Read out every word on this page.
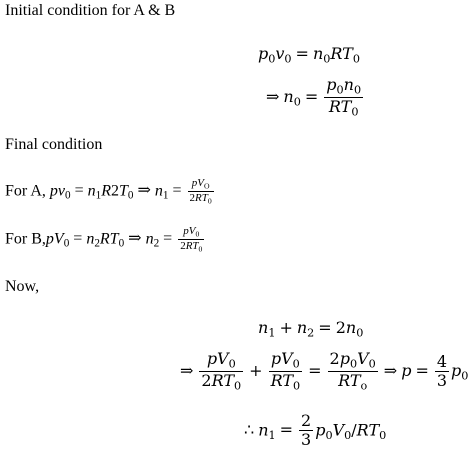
Initial condition for A & B
$p_0v_0 = n_0RT_0$
⇒ $n_0 = \frac{p_0n_0}{RT_0}$
Final condition
For A, $pv_0 = n_1R2T_0$ ⇒ $n_1 = \frac{pV_O}{2RT_0}$
For $B,pV_0 = n_2RT_0$ ⇒ $n_2 = \frac{pV_0}{2RT_0}$
Now,
$n_1 + n_2 = 2n_0$
⇒ $\frac{pV_0}{2RT_0} + \frac{pV_0}{RT_0} = \frac{2p_0V_0}{RT_o}$ ⇒ $p = \frac{4}{3} p_0$
∴ $n_1 = \frac{2}{3} p_0V_0/RT_0$
